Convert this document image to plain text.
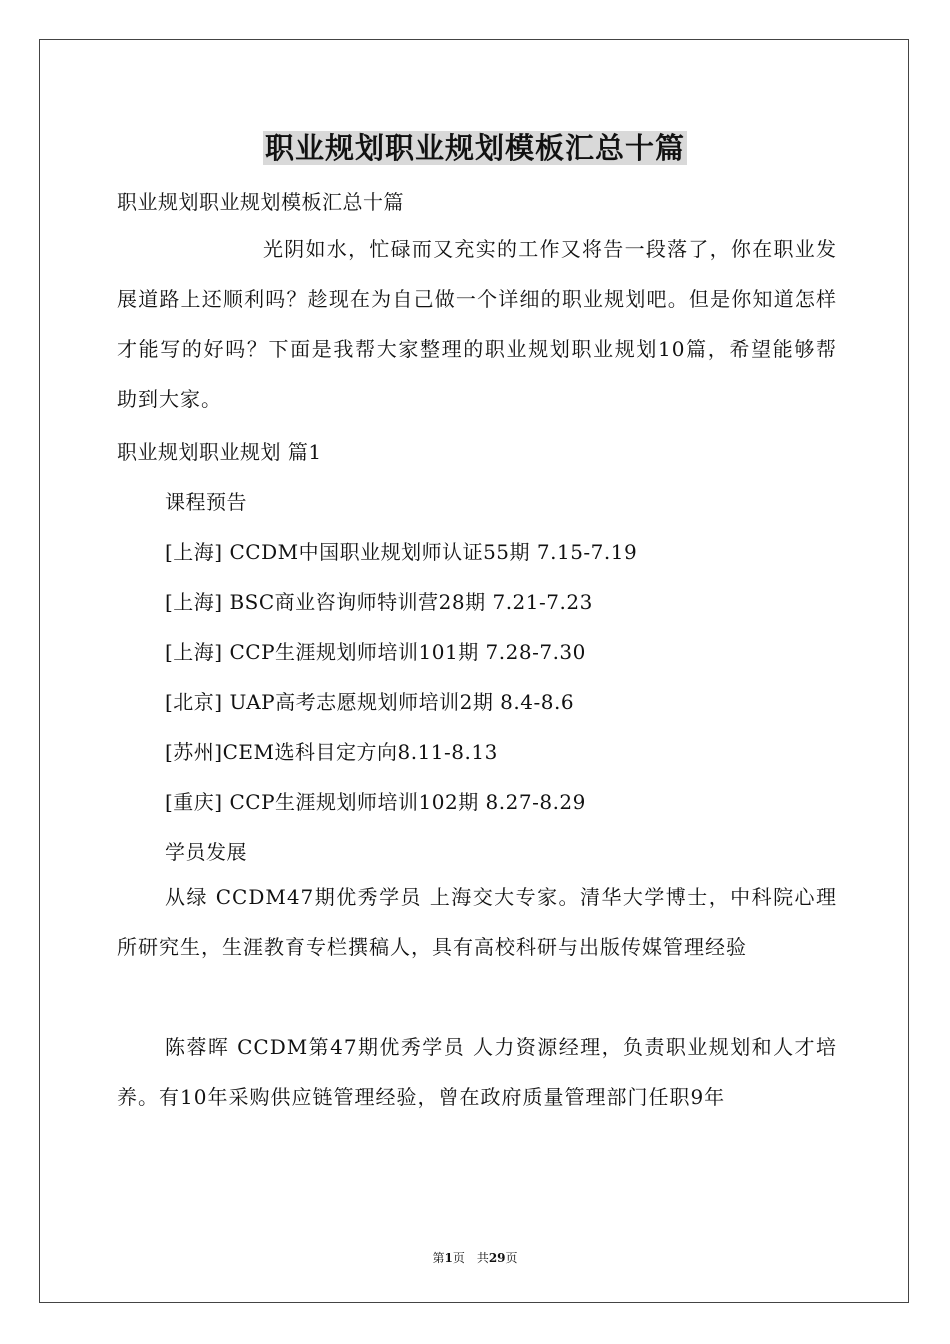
职业规划职业规划模板汇总十篇
职业规划职业规划模板汇总十篇
光阴如水，忙碌而又充实的工作又将告一段落了，你在职业发展道路上还顺利吗？趁现在为自己做一个详细的职业规划吧。但是你知道怎样才能写的好吗？下面是我帮大家整理的职业规划职业规划10篇，希望能够帮助到大家。
职业规划职业规划 篇1
课程预告
[上海] CCDM中国职业规划师认证55期 7.15-7.19
[上海] BSC商业咨询师特训营28期 7.21-7.23
[上海] CCP生涯规划师培训101期 7.28-7.30
[北京] UAP高考志愿规划师培训2期 8.4-8.6
[苏州]CEM选科目定方向8.11-8.13
[重庆] CCP生涯规划师培训102期 8.27-8.29
学员发展
从绿 CCDM47期优秀学员 上海交大专家。清华大学博士，中科院心理所研究生，生涯教育专栏撰稿人，具有高校科研与出版传媒管理经验
陈蓉晖 CCDM第47期优秀学员 人力资源经理，负责职业规划和人才培养。有10年采购供应链管理经验，曾在政府质量管理部门任职9年
第1页　共29页
